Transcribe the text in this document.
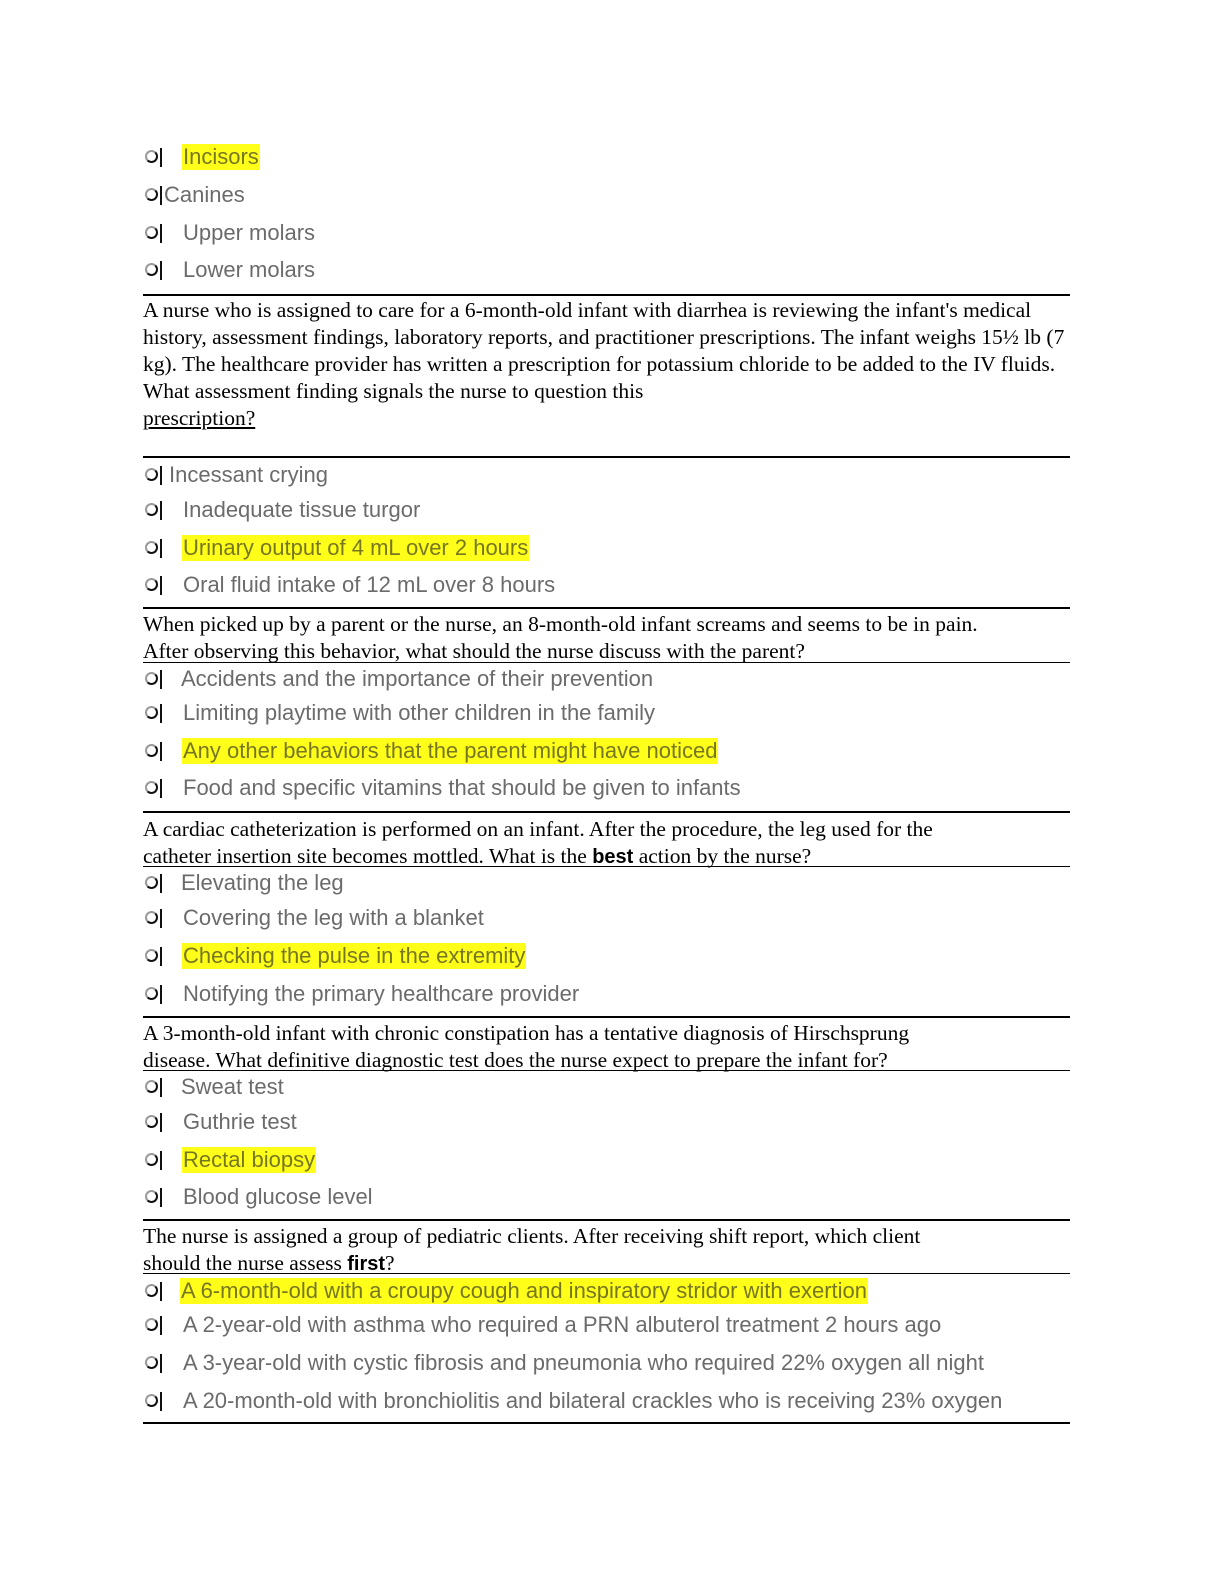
Incisors
Canines
Upper molars
Lower molars
A nurse who is assigned to care for a 6-month-old infant with diarrhea is reviewing the infant's medical history, assessment findings, laboratory reports, and practitioner prescriptions. The infant weighs 15½ lb (7 kg). The healthcare provider has written a prescription for potassium chloride to be added to the IV fluids. What assessment finding signals the nurse to question this
prescription?
Incessant crying
Inadequate tissue turgor
Urinary output of 4 mL over 2 hours
Oral fluid intake of 12 mL over 8 hours
When picked up by a parent or the nurse, an 8-month-old infant screams and seems to be in pain.
After observing this behavior, what should the nurse discuss with the parent?
Accidents and the importance of their prevention
Limiting playtime with other children in the family
Any other behaviors that the parent might have noticed
Food and specific vitamins that should be given to infants
A cardiac catheterization is performed on an infant. After the procedure, the leg used for the
catheter insertion site becomes mottled. What is the best action by the nurse?
Elevating the leg
Covering the leg with a blanket
Checking the pulse in the extremity
Notifying the primary healthcare provider
A 3-month-old infant with chronic constipation has a tentative diagnosis of Hirschsprung
disease. What definitive diagnostic test does the nurse expect to prepare the infant for?
Sweat test
Guthrie test
Rectal biopsy
Blood glucose level
The nurse is assigned a group of pediatric clients. After receiving shift report, which client
should the nurse assess first?
A 6-month-old with a croupy cough and inspiratory stridor with exertion
A 2-year-old with asthma who required a PRN albuterol treatment 2 hours ago
A 3-year-old with cystic fibrosis and pneumonia who required 22% oxygen all night
A 20-month-old with bronchiolitis and bilateral crackles who is receiving 23% oxygen
